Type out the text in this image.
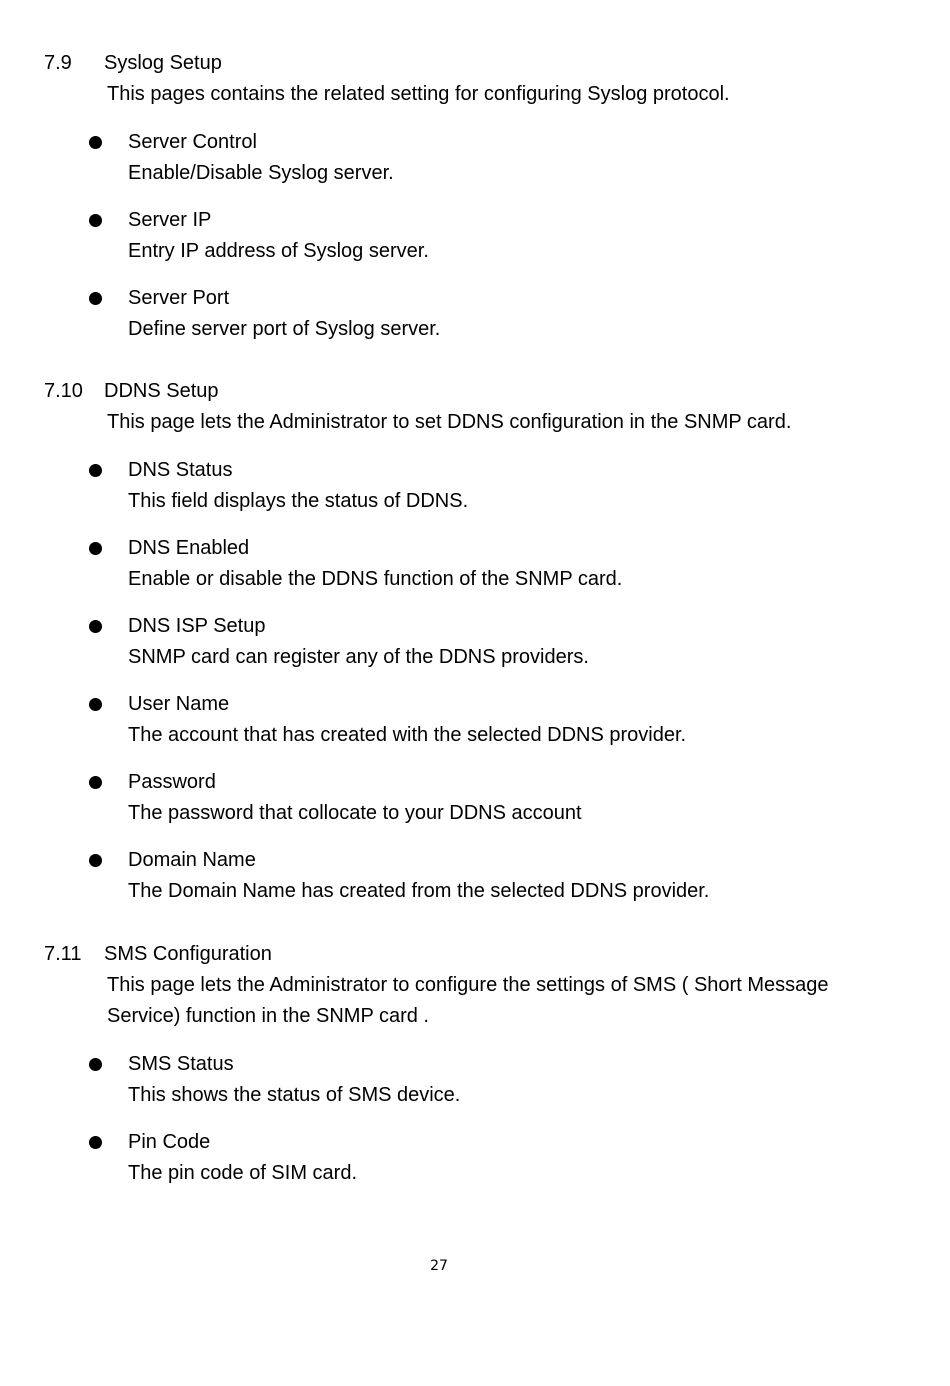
7.9 Syslog Setup
This pages contains the related setting for configuring Syslog protocol.
Server Control
Enable/Disable Syslog server.
Server IP
Entry IP address of Syslog server.
Server Port
Define server port of Syslog server.
7.10 DDNS Setup
This page lets the Administrator to set DDNS configuration in the SNMP card.
DNS Status
This field displays the status of DDNS.
DNS Enabled
Enable or disable the DDNS function of the SNMP card.
DNS ISP Setup
SNMP card can register any of the DDNS providers.
User Name
The account that has created with the selected DDNS provider.
Password
The password that collocate to your DDNS account
Domain Name
The Domain Name has created from the selected DDNS provider.
7.11 SMS Configuration
This page lets the Administrator to configure the settings of SMS ( Short Message Service) function in the SNMP card .
SMS Status
This shows the status of SMS device.
Pin Code
The pin code of SIM card.
27
